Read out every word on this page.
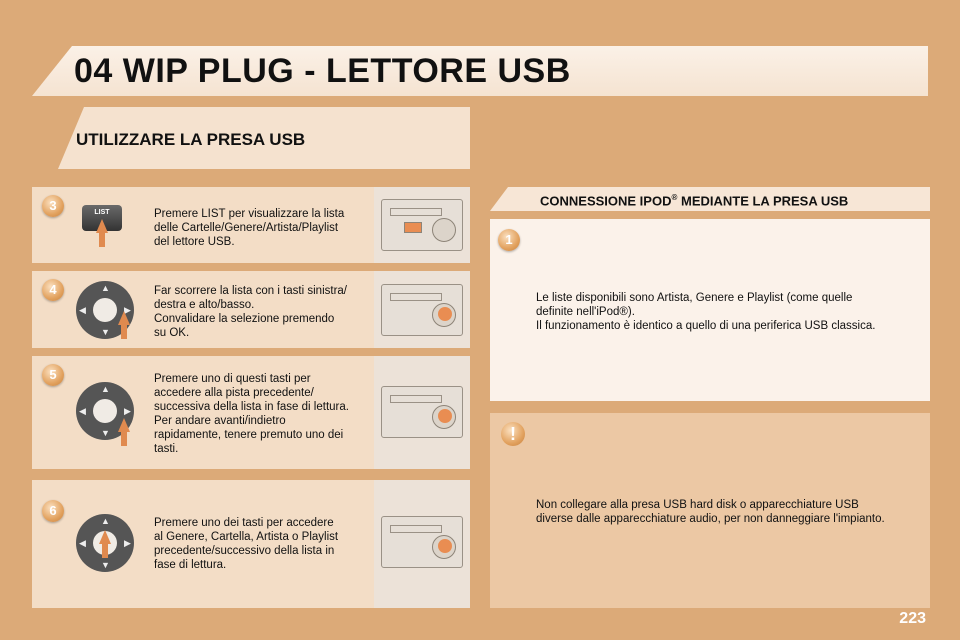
04 WIP PLUG - LETTORE USB
UTILIZZARE LA PRESA USB
3	LIST	Premere LIST per visualizzare la lista
delle Cartelle/Genere/Artista/Playlist
del lettore USB.
4	▲
▼
◀	▶
Far scorrere la lista con i tasti sinistra/
destra e alto/basso.
Convalidare la selezione premendo
su OK.
5
▲
▼
◀	▶
Premere uno di questi tasti per
accedere alla pista precedente/
successiva della lista in fase di lettura.
Per andare avanti/indietro
rapidamente, tenere premuto uno dei
tasti.
6
▲
▼
◀	▶
Premere uno dei tasti per accedere
al Genere, Cartella, Artista o Playlist
precedente/successivo della lista in
fase di lettura.
CONNESSIONE IPOD® MEDIANTE LA PRESA USB
1
Le liste disponibili sono Artista, Genere e Playlist (come quelle
definite nell'iPod®).
Il funzionamento è identico a quello di una periferica USB classica.
!
Non collegare alla presa USB hard disk o apparecchiature USB
diverse dalle apparecchiature audio, per non danneggiare l'impianto.
223
